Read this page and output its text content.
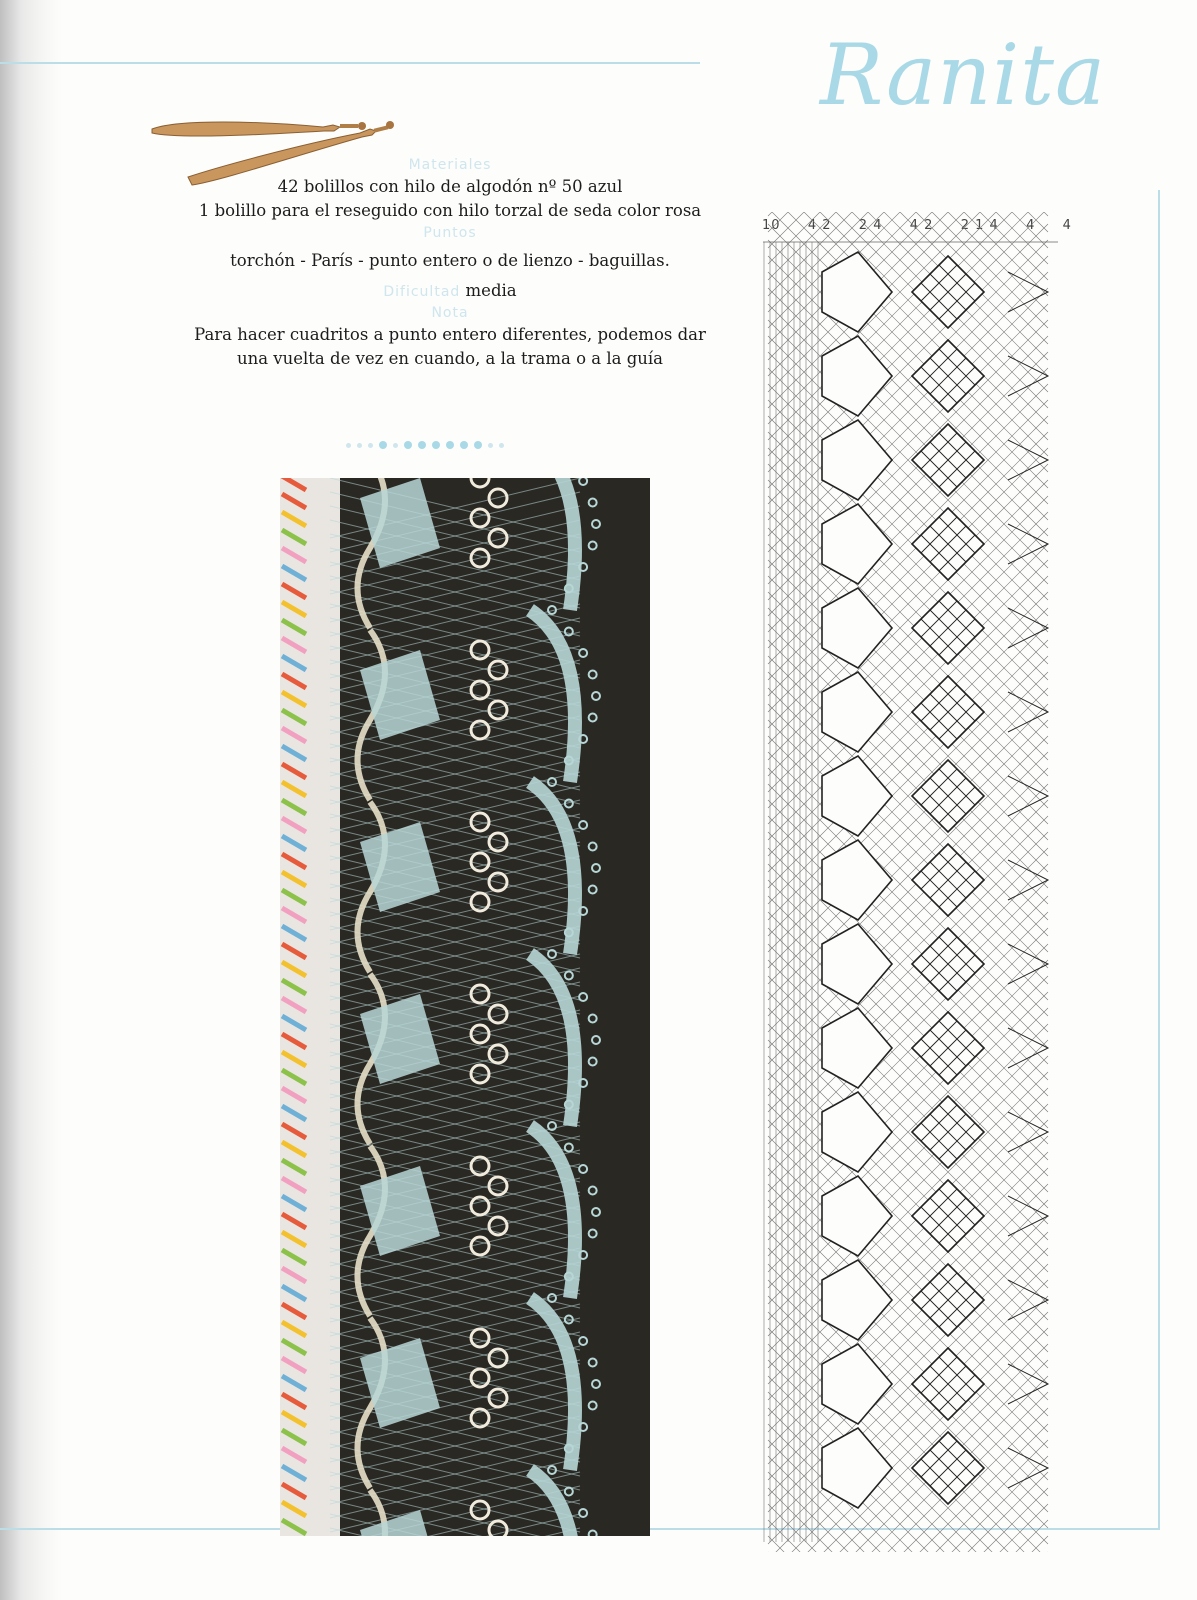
Ranita
Materiales

42 bolillos con hilo de algodón nº 50 azul

1 bolillo para el reseguido con hilo torzal de seda color rosa

Puntos

torchón - París - punto entero o de lienzo - baguillas.

Dificultad media

Nota

Para hacer cuadritos a punto entero diferentes, podemos dar

una vuelta de vez en cuando, a la trama o a la guía

10 4 2 2 4 4 2 2 1 4 4 4
